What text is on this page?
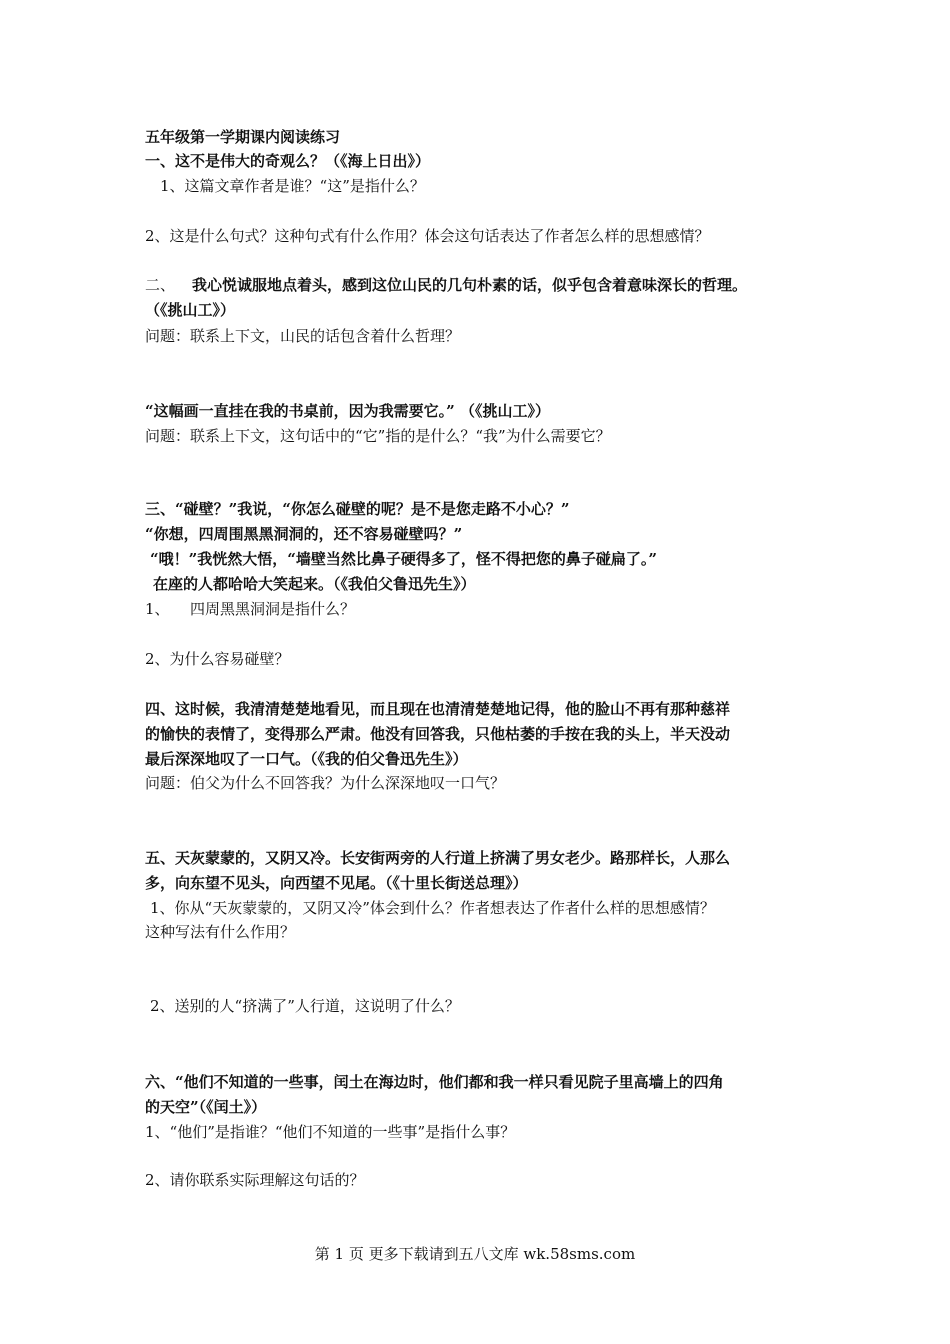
五年级第一学期课内阅读练习
一、这不是伟大的奇观么？（《海上日出》）
1、这篇文章作者是谁？“这”是指什么？
2、这是什么句式？这种句式有什么作用？体会这句话表达了作者怎么样的思想感情？
二、 我心悦诚服地点着头，感到这位山民的几句朴素的话，似乎包含着意味深长的哲理。
（《挑山工》）
问题：联系上下文，山民的话包含着什么哲理？
“这幅画一直挂在我的书桌前，因为我需要它。” （《挑山工》）
问题：联系上下文，这句话中的“它”指的是什么？“我”为什么需要它？
三、“碰壁？”我说，“你怎么碰壁的呢？是不是您走路不小心？”
“你想，四周围黑黑洞洞的，还不容易碰壁吗？”
“哦！”我恍然大悟，“墙壁当然比鼻子硬得多了，怪不得把您的鼻子碰扁了。”
在座的人都哈哈大笑起来。（《我伯父鲁迅先生》）
1、 四周黑黑洞洞是指什么？
2、为什么容易碰壁？
四、这时候，我清清楚楚地看见，而且现在也清清楚楚地记得，他的脸山不再有那种慈祥
的愉快的表情了，变得那么严肃。他没有回答我，只他枯萎的手按在我的头上，半天没动
最后深深地叹了一口气。（《我的伯父鲁迅先生》）
问题：伯父为什么不回答我？为什么深深地叹一口气？
五、天灰蒙蒙的，又阴又冷。长安街两旁的人行道上挤满了男女老少。路那样长，人那么
多，向东望不见头，向西望不见尾。（《十里长街送总理》）
1、你从“天灰蒙蒙的，又阴又冷”体会到什么？作者想表达了作者什么样的思想感情？
这种写法有什么作用？
2、送别的人“挤满了”人行道，这说明了什么？
六、“他们不知道的一些事，闰土在海边时，他们都和我一样只看见院子里高墙上的四角
的天空”（《闰土》）
1、“他们”是指谁？“他们不知道的一些事”是指什么事？
2、请你联系实际理解这句话的？
第 1 页 更多下载请到五八文库 wk.58sms.com
